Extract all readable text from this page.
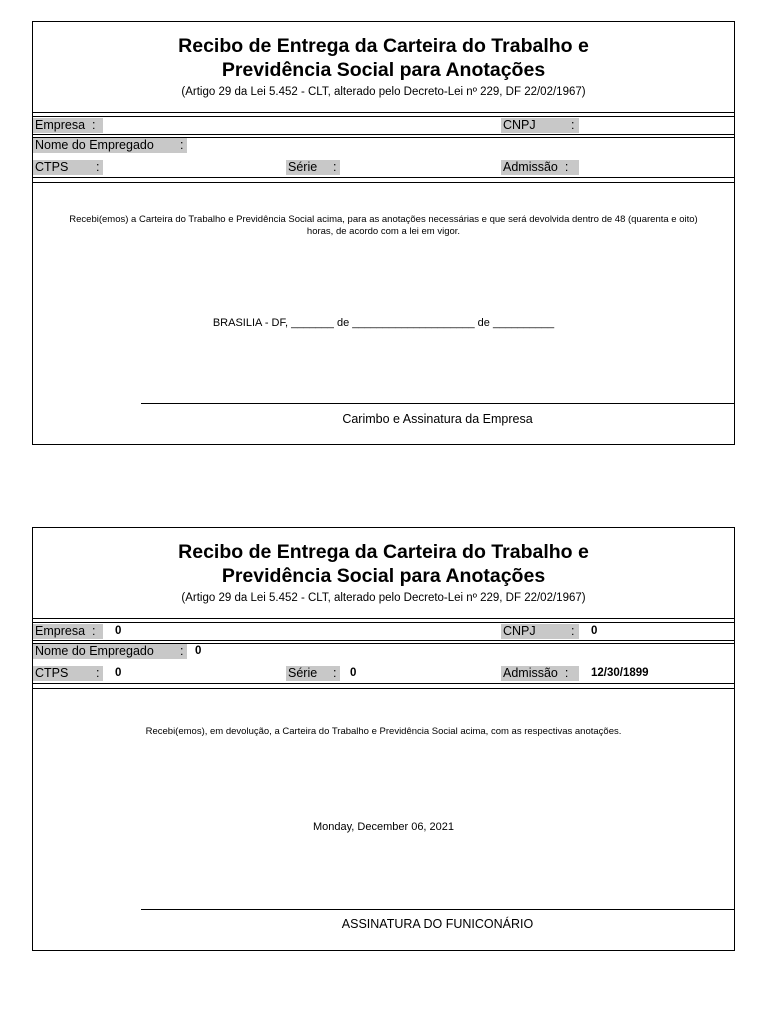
Recibo de Entrega da Carteira do Trabalho e
Previdência Social para Anotações
(Artigo 29 da Lei 5.452 - CLT, alterado pelo Decreto-Lei nº 229, DF 22/02/1967)
Empresa  :	CNPJ	:
Nome do Empregado	:
CTPS	:	Série	:	Admissão  :
Recebi(emos) a Carteira do Trabalho e Previdência Social acima, para as anotações necessárias e que será devolvida dentro de 48 (quarenta e oito) horas, de acordo com a lei em vigor.
BRASILIA - DF, _______ de ____________________ de __________
Carimbo e Assinatura da Empresa
Recibo de Entrega da Carteira do Trabalho e
Previdência Social para Anotações
(Artigo 29 da Lei 5.452 - CLT, alterado pelo Decreto-Lei nº 229, DF 22/02/1967)
Empresa  :	0	CNPJ	: 0
Nome do Empregado	: 0
CTPS	: 0	Série	: 0	Admissão  :	12/30/1899
Recebi(emos), em devolução, a Carteira do Trabalho e Previdência Social acima, com as respectivas anotações.
Monday, December 06, 2021
ASSINATURA DO FUNICONÁRIO
